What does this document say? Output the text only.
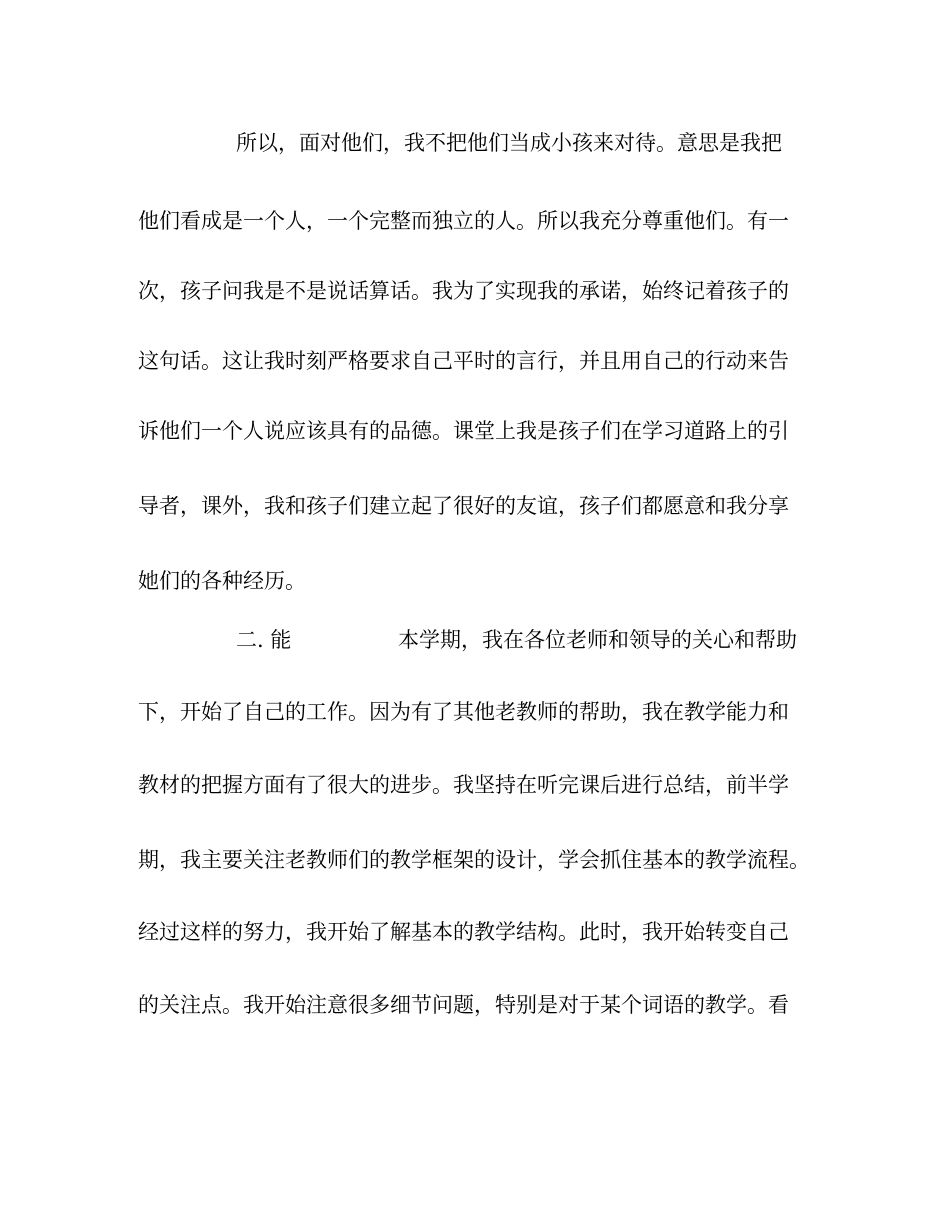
所以，面对他们，我不把他们当成小孩来对待。意思是我把

他们看成是一个人，一个完整而独立的人。所以我充分尊重他们。有一

次，孩子问我是不是说话算话。我为了实现我的承诺，始终记着孩子的

这句话。这让我时刻严格要求自己平时的言行，并且用自己的行动来告

诉他们一个人说应该具有的品德。课堂上我是孩子们在学习道路上的引

导者，课外，我和孩子们建立起了很好的友谊，孩子们都愿意和我分享

她们的各种经历。

二. 能	本学期，我在各位老师和领导的关心和帮助

下，开始了自己的工作。因为有了其他老教师的帮助，我在教学能力和

教材的把握方面有了很大的进步。我坚持在听完课后进行总结，前半学

期，我主要关注老教师们的教学框架的设计，学会抓住基本的教学流程。

经过这样的努力，我开始了解基本的教学结构。此时，我开始转变自己

的关注点。我开始注意很多细节问题，特别是对于某个词语的教学。看
